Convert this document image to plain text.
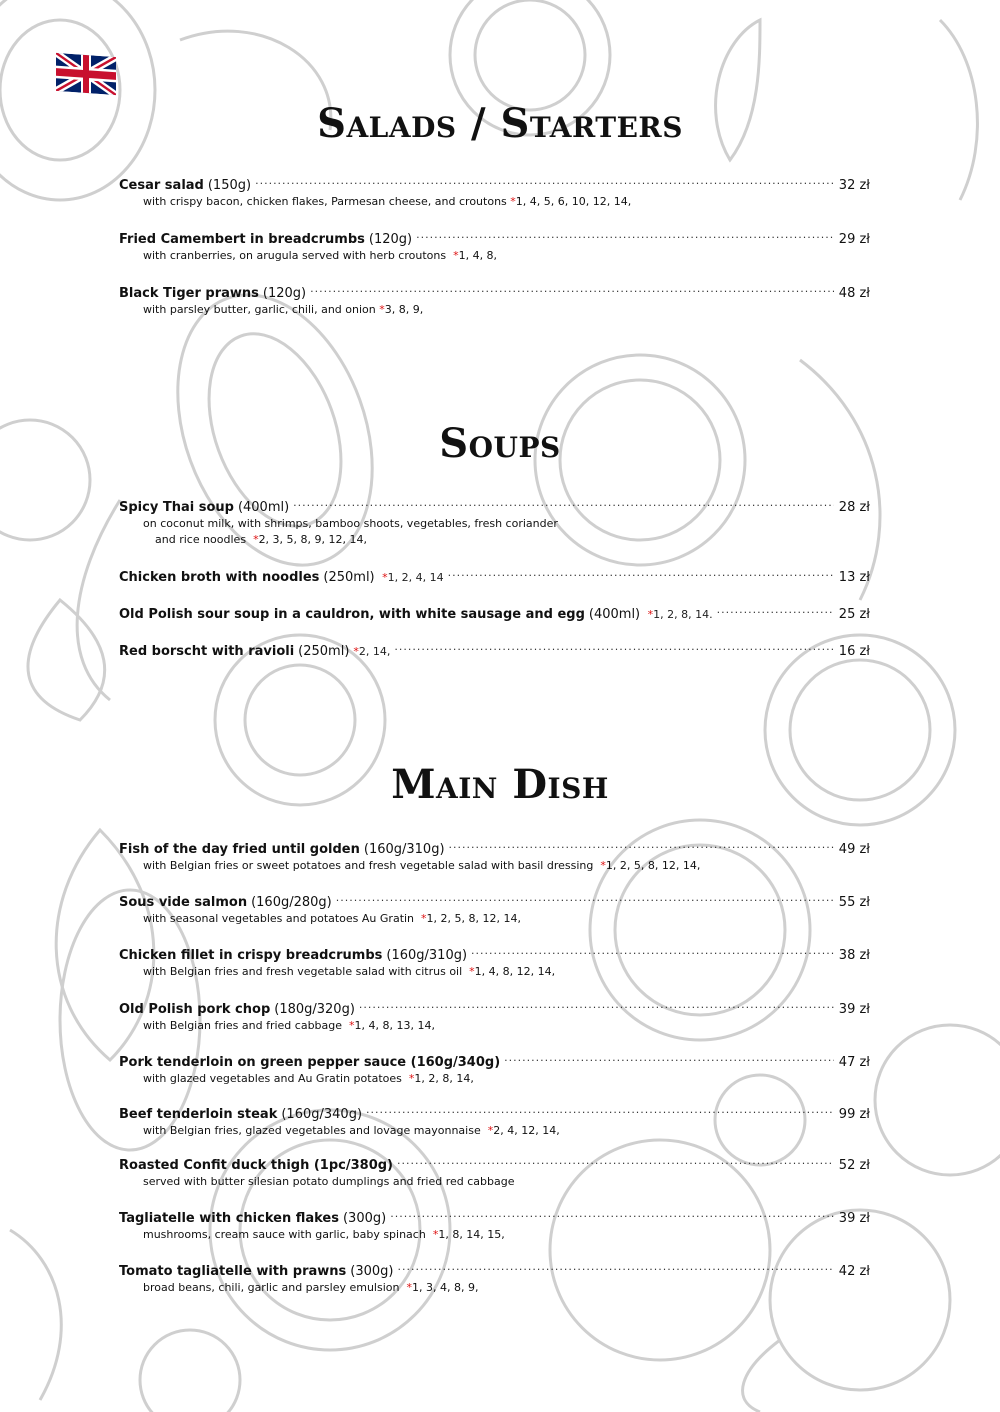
Salads / Starters
Cesar salad (150g) .....	32 zł
with crispy bacon, chicken flakes, Parmesan cheese, and croutons *1, 4, 5, 6, 10, 12, 14,
Fried Camembert in breadcrumbs (120g) .....	29 zł
with cranberries, on arugula served with herb croutons *1, 4, 8,
Black Tiger prawns (120g) .....	48 zł
with parsley butter, garlic, chili, and onion *3, 8, 9,
Soups
Spicy Thai soup (400ml) .....	28 zł
on coconut milk, with shrimps, bamboo shoots, vegetables, fresh coriander
and rice noodles *2, 3, 5, 8, 9, 12, 14,
Chicken broth with noodles (250ml) *1, 2, 4, 14 .....	13 zł
Old Polish sour soup in a cauldron, with white sausage and egg (400ml) *1, 2, 8, 14. .....	25 zł
Red borscht with ravioli (250ml) *2, 14, .....	16 zł
Main Dish
Fish of the day fried until golden (160g/310g) .....	49 zł
with Belgian fries or sweet potatoes and fresh vegetable salad with basil dressing *1, 2, 5, 8, 12, 14,
Sous vide salmon (160g/280g) .....	55 zł
with seasonal vegetables and potatoes Au Gratin *1, 2, 5, 8, 12, 14,
Chicken fillet in crispy breadcrumbs (160g/310g) .....	38 zł
with Belgian fries and fresh vegetable salad with citrus oil *1, 4, 8, 12, 14,
Old Polish pork chop (180g/320g) .....	39 zł
with Belgian fries and fried cabbage *1, 4, 8, 13, 14,
Pork tenderloin on green pepper sauce (160g/340g) .....	47 zł
with glazed vegetables and Au Gratin potatoes *1, 2, 8, 14,
Beef tenderloin steak (160g/340g) .....	99 zł
with Belgian fries, glazed vegetables and lovage mayonnaise *2, 4, 12, 14,
Roasted Confit duck thigh (1pc/380g) .....	52 zł
served with butter silesian potato dumplings and fried red cabbage
Tagliatelle with chicken flakes (300g) .....	39 zł
mushrooms, cream sauce with garlic, baby spinach *1, 8, 14, 15,
Tomato tagliatelle with prawns (300g) .....	42 zł
broad beans, chili, garlic and parsley emulsion *1, 3, 4, 8, 9,
